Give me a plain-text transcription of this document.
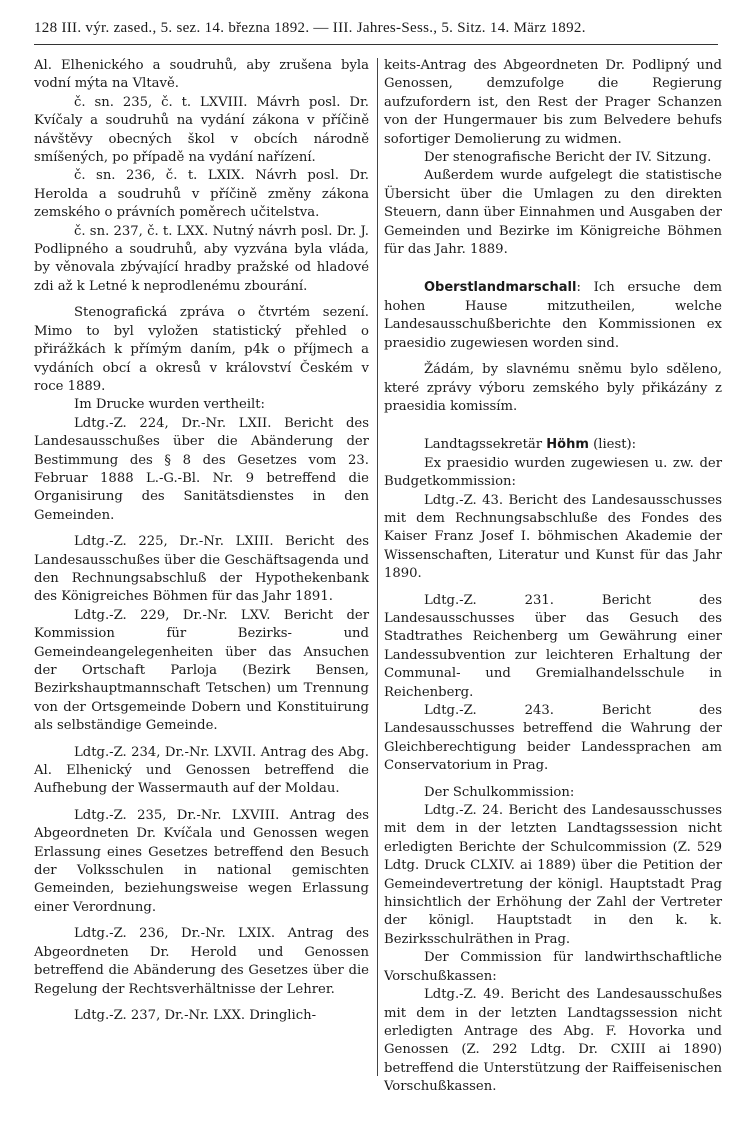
128 III. výr. zased., 5. sez. 14. března 1892. — III. Jahres-Sess., 5. Sitz. 14. März 1892.

Al. Elhenického a soudruhů, aby zrušena byla vodní mýta na Vltavě.

č. sn. 235, č. t. LXVIII. Mávrh posl. Dr. Kvíčaly a soudruhů na vydání zákona v příčině návštěvy obecných škol v obcích národně smíšených, po případě na vydání nařízení.

č. sn. 236, č. t. LXIX. Návrh posl. Dr. Herolda a soudruhů v příčině změny zákona zemského o právních poměrech učitelstva.

č. sn. 237, č. t. LXX. Nutný návrh posl. Dr. J. Podlipného a soudruhů, aby vyzvána byla vláda, by věnovala zbývající hradby pražské od hladové zdi až k Letné k neprodlenému zbourání.

Stenografická zpráva o čtvrtém sezení. Mimo to byl vyložen statistický přehled o přirážkách k přímým daním, p4k o příjmech a vydáních obcí a okresů v království Českém v roce 1889.

Im Drucke wurden vertheilt:

Ldtg.-Z. 224, Dr.-Nr. LXII. Bericht des Landesausschußes über die Abänderung der Bestimmung des § 8 des Gesetzes vom 23. Februar 1888 L.-G.-Bl. Nr. 9 betreffend die Organisirung des Sanitätsdienstes in den Gemeinden.

Ldtg.-Z. 225, Dr.-Nr. LXIII. Bericht des Landesausschußes über die Geschäftsagenda und den Rechnungsabschluß der Hypothekenbank des Königreiches Böhmen für das Jahr 1891.

Ldtg.-Z. 229, Dr.-Nr. LXV. Bericht der Kommission für Bezirks- und Gemeindeangelegenheiten über das Ansuchen der Ortschaft Parloja (Bezirk Bensen, Bezirkshauptmannschaft Tetschen) um Trennung von der Ortsgemeinde Dobern und Konstituirung als selbständige Gemeinde.

Ldtg.-Z. 234, Dr.-Nr. LXVII. Antrag des Abg. Al. Elhenický und Genossen betreffend die Aufhebung der Wassermauth auf der Moldau.

Ldtg.-Z. 235, Dr.-Nr. LXVIII. Antrag des Abgeordneten Dr. Kvíčala und Genossen wegen Erlassung eines Gesetzes betreffend den Besuch der Volksschulen in national gemischten Gemeinden, beziehungsweise wegen Erlassung einer Verordnung.

Ldtg.-Z. 236, Dr.-Nr. LXIX. Antrag des Abgeordneten Dr. Herold und Genossen betreffend die Abänderung des Gesetzes über die Regelung der Rechtsverhältnisse der Lehrer.

Ldtg.-Z. 237, Dr.-Nr. LXX. Dringlich-

keits-Antrag des Abgeordneten Dr. Podlipný und Genossen, demzufolge die Regierung aufzufordern ist, den Rest der Prager Schanzen von der Hungermauer bis zum Belvedere behufs sofortiger Demolierung zu widmen.

Der stenografische Bericht der IV. Sitzung.

Außerdem wurde aufgelegt die statistische Übersicht über die Umlagen zu den direkten Steuern, dann über Einnahmen und Ausgaben der Gemeinden und Bezirke im Königreiche Böhmen für das Jahr. 1889.

Oberstlandmarschall: Ich ersuche dem hohen Hause mitzutheilen, welche Landesausschußberichte den Kommissionen ex praesidio zugewiesen worden sind.

Žádám, by slavnému sněmu bylo sděleno, které zprávy výboru zemského byly přikázány z praesidia komissím.

Landtagssekretär Höhm (liest):

Ex praesidio wurden zugewiesen u. zw. der Budgetkommission:

Ldtg.-Z. 43. Bericht des Landesausschusses mit dem Rechnungsabschluße des Fondes des Kaiser Franz Josef I. böhmischen Akademie der Wissenschaften, Literatur und Kunst für das Jahr 1890.

Ldtg.-Z. 231. Bericht des Landesausschusses über das Gesuch des Stadtrathes Reichenberg um Gewährung einer Landessubvention zur leichteren Erhaltung der Communal- und Gremialhandelsschule in Reichenberg.

Ldtg.-Z. 243. Bericht des Landesausschusses betreffend die Wahrung der Gleichberechtigung beider Landessprachen am Conservatorium in Prag.

Der Schulkommission:

Ldtg.-Z. 24. Bericht des Landesausschusses mit dem in der letzten Landtagssession nicht erledigten Berichte der Schulcommission (Z. 529 Ldtg. Druck CLXIV. ai 1889) über die Petition der Gemeindevertretung der königl. Hauptstadt Prag hinsichtlich der Erhöhung der Zahl der Vertreter der königl. Hauptstadt in den k. k. Bezirksschulräthen in Prag.

Der Commission für landwirthschaftliche Vorschußkassen:

Ldtg.-Z. 49. Bericht des Landesausschußes mit dem in der letzten Landtagssession nicht erledigten Antrage des Abg. F. Hovorka und Genossen (Z. 292 Ldtg. Dr. CXIII ai 1890) betreffend die Unterstützung der Raiffeisenischen Vorschußkassen.
